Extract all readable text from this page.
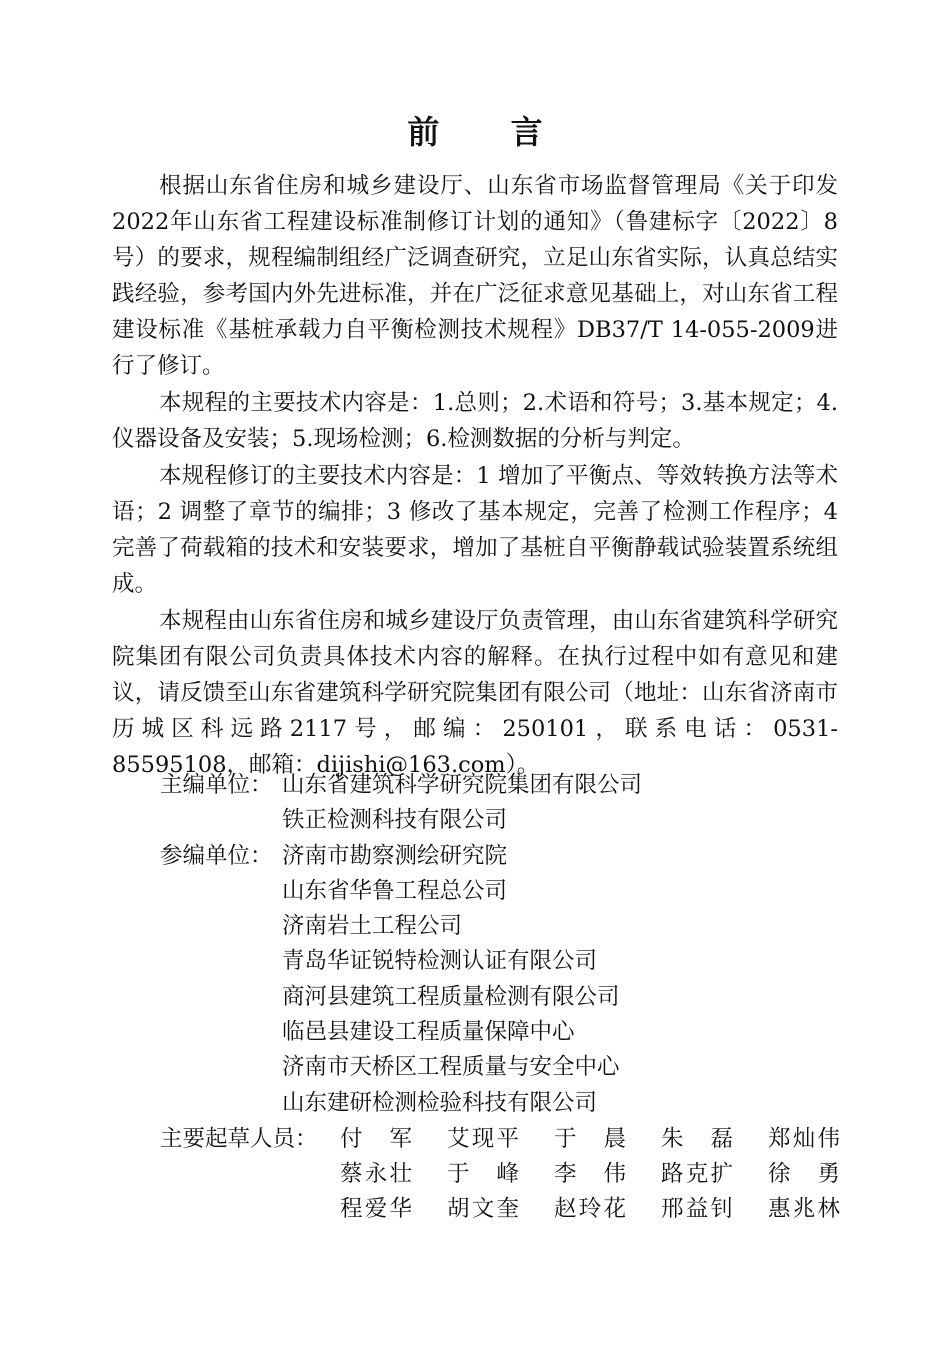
前 言

根据山东省住房和城乡建设厅、山东省市场监督管理局《关于印发2022年山东省工程建设标准制修订计划的通知》（鲁建标字〔2022〕8号）的要求，规程编制组经广泛调查研究，立足山东省实际，认真总结实践经验，参考国内外先进标准，并在广泛征求意见基础上，对山东省工程建设标准《基桩承载力自平衡检测技术规程》DB37/T 14-055-2009进行了修订。

本规程的主要技术内容是：1.总则；2.术语和符号；3.基本规定；4.仪器设备及安装；5.现场检测；6.检测数据的分析与判定。

本规程修订的主要技术内容是：1 增加了平衡点、等效转换方法等术语；2 调整了章节的编排；3 修改了基本规定，完善了检测工作程序；4 完善了荷载箱的技术和安装要求，增加了基桩自平衡静载试验装置系统组成。

本规程由山东省住房和城乡建设厅负责管理，由山东省建筑科学研究院集团有限公司负责具体技术内容的解释。在执行过程中如有意见和建议，请反馈至山东省建筑科学研究院集团有限公司（地址：山东省济南市历城区科远路2117号，邮编：250101，联系电话：0531-85595108，邮箱：dijishi@163.com）。

主编单位： 山东省建筑科学研究院集团有限公司
铁正检测科技有限公司
参编单位： 济南市勘察测绘研究院
山东省华鲁工程总公司
济南岩土工程公司
青岛华证锐特检测认证有限公司
商河县建筑工程质量检测有限公司
临邑县建设工程质量保障中心
济南市天桥区工程质量与安全中心
山东建研检测检验科技有限公司
主要起草人员： 付军 艾现平 于晨 朱磊 郑灿伟
蔡永壮 于峰 李伟 路克扩 徐勇
程爱华 胡文奎 赵玲花 邢益钊 惠兆林
